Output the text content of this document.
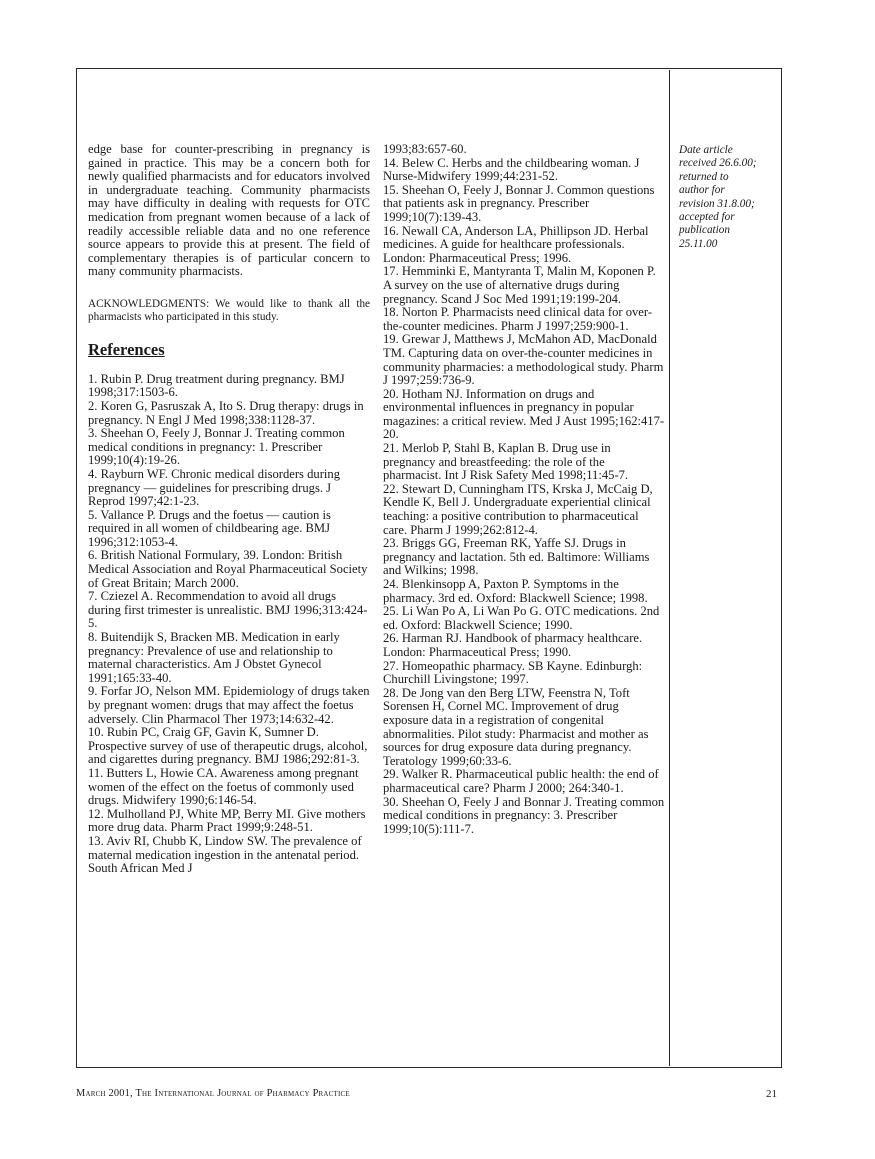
edge base for counter-prescribing in pregnancy is gained in practice. This may be a concern both for newly qualified pharmacists and for educators involved in undergraduate teaching. Community pharmacists may have difficulty in dealing with requests for OTC medication from pregnant women because of a lack of readily accessible reliable data and no one reference source appears to provide this at present. The field of complementary therapies is of particular concern to many community pharmacists.

ACKNOWLEDGMENTS: We would like to thank all the pharmacists who participated in this study.

References
1. Rubin P. Drug treatment during pregnancy. BMJ 1998;317:1503-6.
2. Koren G, Pasruszak A, Ito S. Drug therapy: drugs in pregnancy. N Engl J Med 1998;338:1128-37.
3. Sheehan O, Feely J, Bonnar J. Treating common medical conditions in pregnancy: 1. Prescriber 1999;10(4):19-26.
4. Rayburn WF. Chronic medical disorders during pregnancy — guidelines for prescribing drugs. J Reprod 1997;42:1-23.
5. Vallance P. Drugs and the foetus — caution is required in all women of childbearing age. BMJ 1996;312:1053-4.
6. British National Formulary, 39. London: British Medical Association and Royal Pharmaceutical Society of Great Britain; March 2000.
7. Cziezel A. Recommendation to avoid all drugs during first trimester is unrealistic. BMJ 1996;313:424-5.
8. Buitendijk S, Bracken MB. Medication in early pregnancy: Prevalence of use and relationship to maternal characteristics. Am J Obstet Gynecol 1991;165:33-40.
9. Forfar JO, Nelson MM. Epidemiology of drugs taken by pregnant women: drugs that may affect the foetus adversely. Clin Pharmacol Ther 1973;14:632-42.
10. Rubin PC, Craig GF, Gavin K, Sumner D. Prospective survey of use of therapeutic drugs, alcohol, and cigarettes during pregnancy. BMJ 1986;292:81-3.
11. Butters L, Howie CA. Awareness among pregnant women of the effect on the foetus of commonly used drugs. Midwifery 1990;6:146-54.
12. Mulholland PJ, White MP, Berry MI. Give mothers more drug data. Pharm Pract 1999;9:248-51.
13. Aviv RI, Chubb K, Lindow SW. The prevalence of maternal medication ingestion in the antenatal period. South African Med J
1993;83:657-60.
14. Belew C. Herbs and the childbearing woman. J Nurse-Midwifery 1999;44:231-52.
15. Sheehan O, Feely J, Bonnar J. Common questions that patients ask in pregnancy. Prescriber 1999;10(7):139-43.
16. Newall CA, Anderson LA, Phillipson JD. Herbal medicines. A guide for healthcare professionals. London: Pharmaceutical Press; 1996.
17. Hemminki E, Mantyranta T, Malin M, Koponen P. A survey on the use of alternative drugs during pregnancy. Scand J Soc Med 1991;19:199-204.
18. Norton P. Pharmacists need clinical data for over-the-counter medicines. Pharm J 1997;259:900-1.
19. Grewar J, Matthews J, McMahon AD, MacDonald TM. Capturing data on over-the-counter medicines in community pharmacies: a methodological study. Pharm J 1997;259:736-9.
20. Hotham NJ. Information on drugs and environmental influences in pregnancy in popular magazines: a critical review. Med J Aust 1995;162:417-20.
21. Merlob P, Stahl B, Kaplan B. Drug use in pregnancy and breastfeeding: the role of the pharmacist. Int J Risk Safety Med 1998;11:45-7.
22. Stewart D, Cunningham ITS, Krska J, McCaig D, Kendle K, Bell J. Undergraduate experiential clinical teaching: a positive contribution to pharmaceutical care. Pharm J 1999;262:812-4.
23. Briggs GG, Freeman RK, Yaffe SJ. Drugs in pregnancy and lactation. 5th ed. Baltimore: Williams and Wilkins; 1998.
24. Blenkinsopp A, Paxton P. Symptoms in the pharmacy. 3rd ed. Oxford: Blackwell Science; 1998.
25. Li Wan Po A, Li Wan Po G. OTC medications. 2nd ed. Oxford: Blackwell Science; 1990.
26. Harman RJ. Handbook of pharmacy healthcare. London: Pharmaceutical Press; 1990.
27. Homeopathic pharmacy. SB Kayne. Edinburgh: Churchill Livingstone; 1997.
28. De Jong van den Berg LTW, Feenstra N, Toft Sorensen H, Cornel MC. Improvement of drug exposure data in a registration of congenital abnormalities. Pilot study: Pharmacist and mother as sources for drug exposure data during pregnancy. Teratology 1999;60:33-6.
29. Walker R. Pharmaceutical public health: the end of pharmaceutical care? Pharm J 2000; 264:340-1.
30. Sheehan O, Feely J and Bonnar J. Treating common medical conditions in pregnancy: 3. Prescriber 1999;10(5):111-7.
Date article
received 26.6.00;
returned to
author for
revision 31.8.00;
accepted for
publication
25.11.00
March 2001, The International Journal of Pharmacy Practice	21
